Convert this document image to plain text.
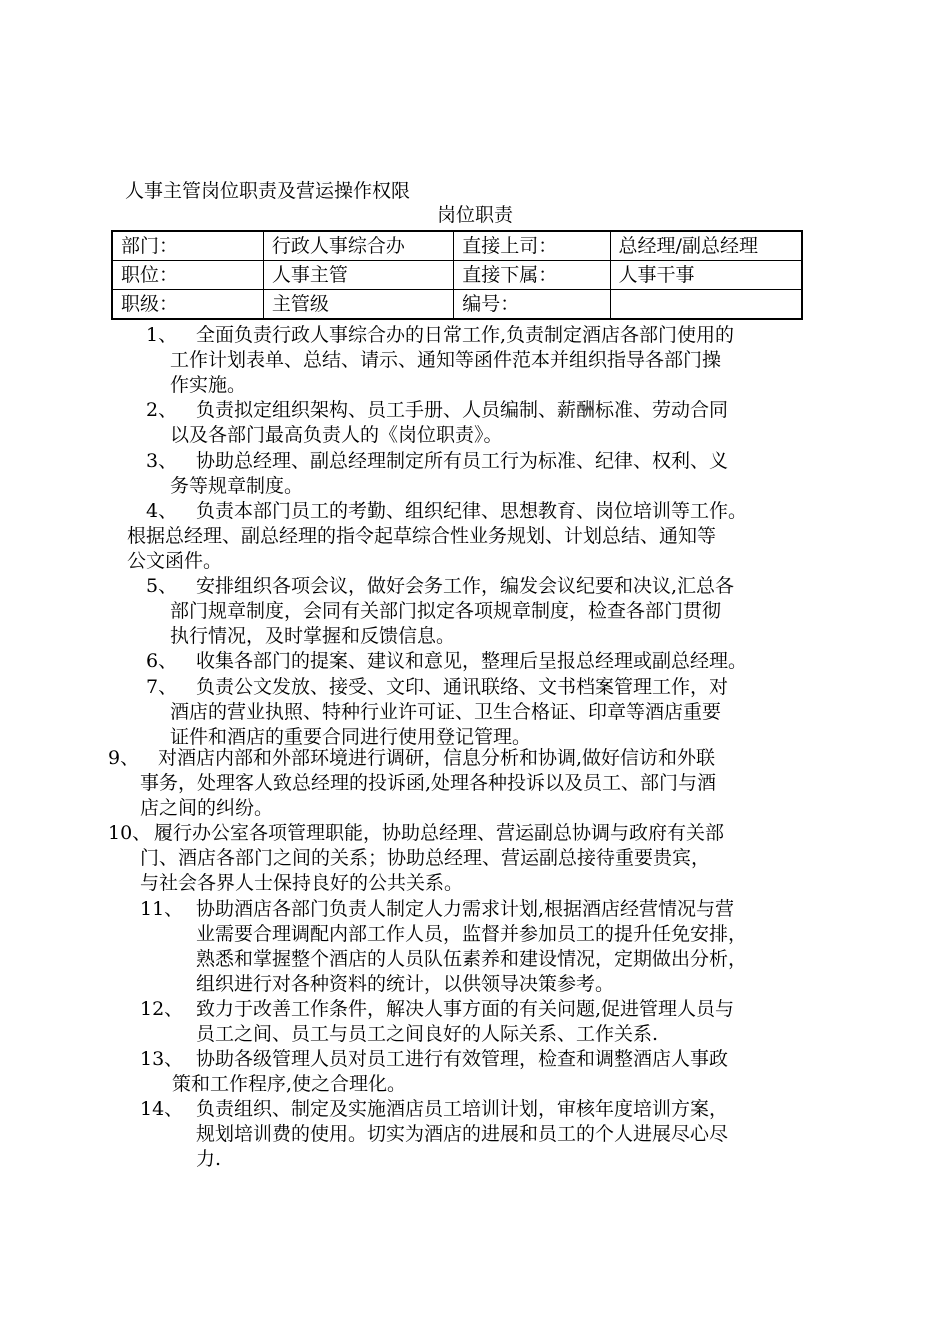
人事主管岗位职责及营运操作权限
岗位职责
部门：	行政人事综合办	直接上司：	总经理/副总经理
职位：	人事主管	直接下属：	人事干事
职级：	主管级	编号：	
1、 全面负责行政人事综合办的日常工作,负责制定酒店各部门使用的
工作计划表单、总结、请示、通知等函件范本并组织指导各部门操
作实施。
2、 负责拟定组织架构、员工手册、人员编制、薪酬标准、劳动合同
以及各部门最高负责人的《岗位职责》。
3、 协助总经理、副总经理制定所有员工行为标准、纪律、权利、义
务等规章制度。
4、 负责本部门员工的考勤、组织纪律、思想教育、岗位培训等工作。
根据总经理、副总经理的指令起草综合性业务规划、计划总结、通知等
公文函件。
5、 安排组织各项会议，做好会务工作，编发会议纪要和决议,汇总各
部门规章制度，会同有关部门拟定各项规章制度，检查各部门贯彻
执行情况，及时掌握和反馈信息。
6、 收集各部门的提案、建议和意见，整理后呈报总经理或副总经理。
7、 负责公文发放、接受、文印、通讯联络、文书档案管理工作，对
酒店的营业执照、特种行业许可证、卫生合格证、印章等酒店重要
证件和酒店的重要合同进行使用登记管理。
9、 对酒店内部和外部环境进行调研，信息分析和协调,做好信访和外联
事务，处理客人致总经理的投诉函,处理各种投诉以及员工、部门与酒
店之间的纠纷。
10、 履行办公室各项管理职能，协助总经理、营运副总协调与政府有关部
门、酒店各部门之间的关系；协助总经理、营运副总接待重要贵宾，
与社会各界人士保持良好的公共关系。
11、 协助酒店各部门负责人制定人力需求计划,根据酒店经营情况与营
业需要合理调配内部工作人员，监督并参加员工的提升任免安排，
熟悉和掌握整个酒店的人员队伍素养和建设情况，定期做出分析，
组织进行对各种资料的统计，以供领导决策参考。
12、 致力于改善工作条件，解决人事方面的有关问题,促进管理人员与
员工之间、员工与员工之间良好的人际关系、工作关系.
13、 协助各级管理人员对员工进行有效管理，检查和调整酒店人事政
策和工作程序,使之合理化。
14、 负责组织、制定及实施酒店员工培训计划，审核年度培训方案，
规划培训费的使用。切实为酒店的进展和员工的个人进展尽心尽
力.
